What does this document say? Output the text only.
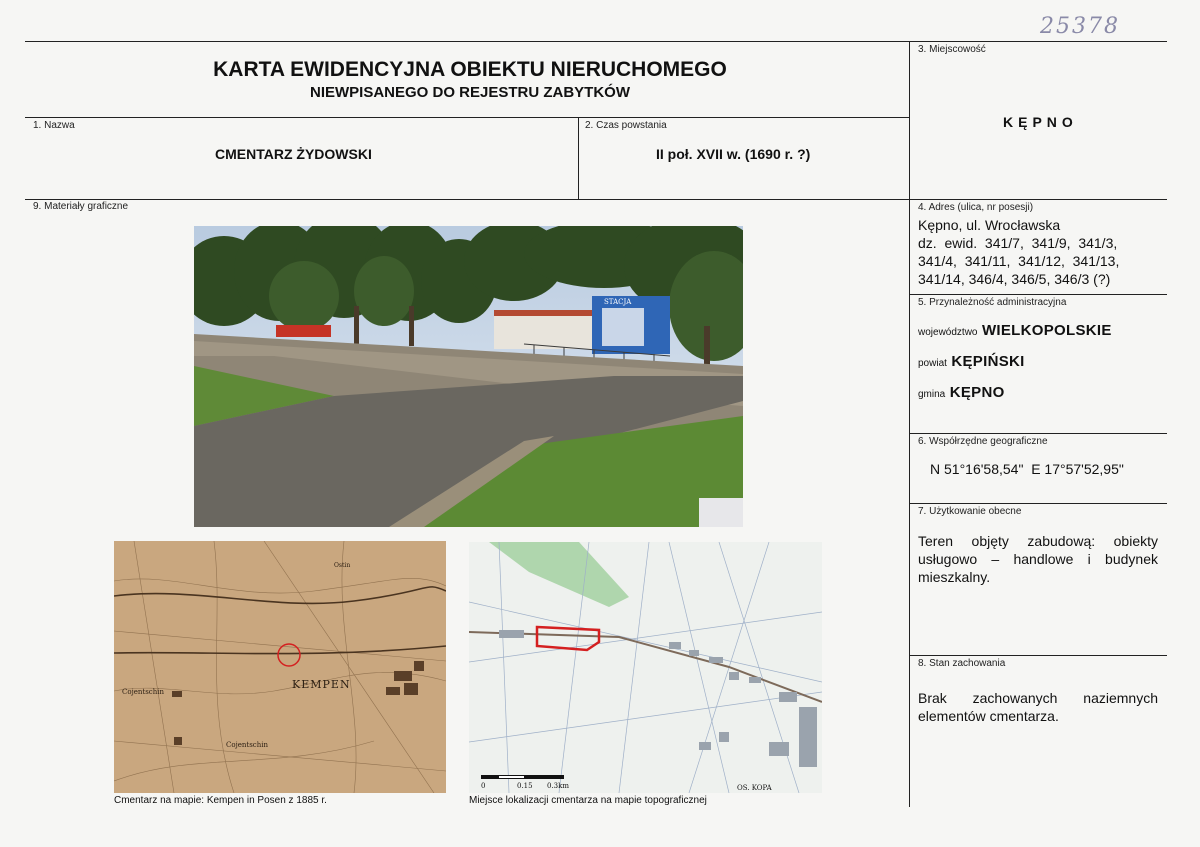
25378
KARTA EWIDENCYJNA OBIEKTU NIERUCHOMEGO
NIEWPISANEGO DO REJESTRU ZABYTKÓW
1. Nazwa
CMENTARZ ŻYDOWSKI
2. Czas powstania
II poł. XVII w. (1690 r. ?)
3. Miejscowość
KĘPNO
4. Adres (ulica, nr posesji)
Kępno, ul. Wrocławska
dz.  ewid.  341/7,  341/9,  341/3,
341/4,  341/11,  341/12,  341/13,
341/14, 346/4, 346/5, 346/3 (?)
5. Przynależność administracyjna
województwo WIELKOPOLSKIE
powiat KĘPIŃSKI
gmina KĘPNO
6. Współrzędne geograficzne
N 51°16'58,54"  E 17°57'52,95"
7. Użytkowanie obecne
Teren objęty zabudową: obiekty usługowo – handlowe i budynek mieszkalny.
8. Stan zachowania
Brak zachowanych naziemnych elementów cmentarza.
9. Materiały graficzne
STACJA
KEMPEN
Cojentschin
Cojentschin
Ostin
Cmentarz na mapie: Kempen in Posen z 1885 r.
0	0.15 0.3km	OS. KOPA
Miejsce lokalizacji cmentarza na mapie topograficznej
